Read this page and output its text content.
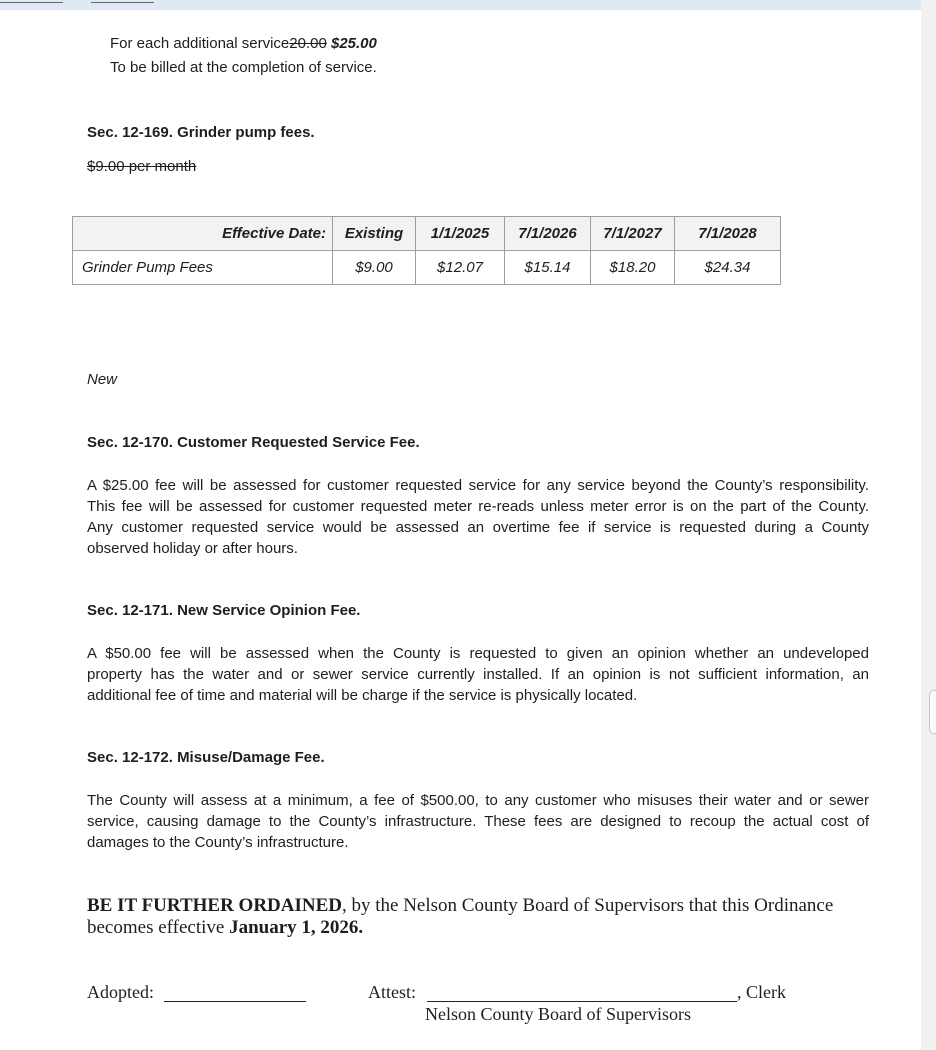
For each additional service20.00 $25.00
To be billed at the completion of service.
Sec. 12-169. Grinder pump fees.
$9.00 per month
Effective Date:	Existing	1/1/2025	7/1/2026	7/1/2027	7/1/2028
Grinder Pump Fees	$9.00	$12.07	$15.14	$18.20	$24.34
New
Sec. 12-170. Customer Requested Service Fee.
A $25.00 fee will be assessed for customer requested service for any service beyond the County’s responsibility.
This fee will be assessed for customer requested meter re-reads unless meter error is on the part of the County.
Any customer requested service would be assessed an overtime fee if service is requested during a County
observed holiday or after hours.
Sec. 12-171. New Service Opinion Fee.
A $50.00 fee will be assessed when the County is requested to given an opinion whether an undeveloped
property has the water and or sewer service currently installed. If an opinion is not sufficient information, an
additional fee of time and material will be charge if the service is physically located.
Sec. 12-172. Misuse/Damage Fee.
The County will assess at a minimum, a fee of $500.00, to any customer who misuses their water and or sewer
service, causing damage to the County’s infrastructure. These fees are designed to recoup the actual cost of
damages to the County’s infrastructure.
BE IT FURTHER ORDAINED, by the Nelson County Board of Supervisors that this Ordinance
becomes effective January 1, 2026.
Adopted:	Attest:	, Clerk
Nelson County Board of Supervisors
